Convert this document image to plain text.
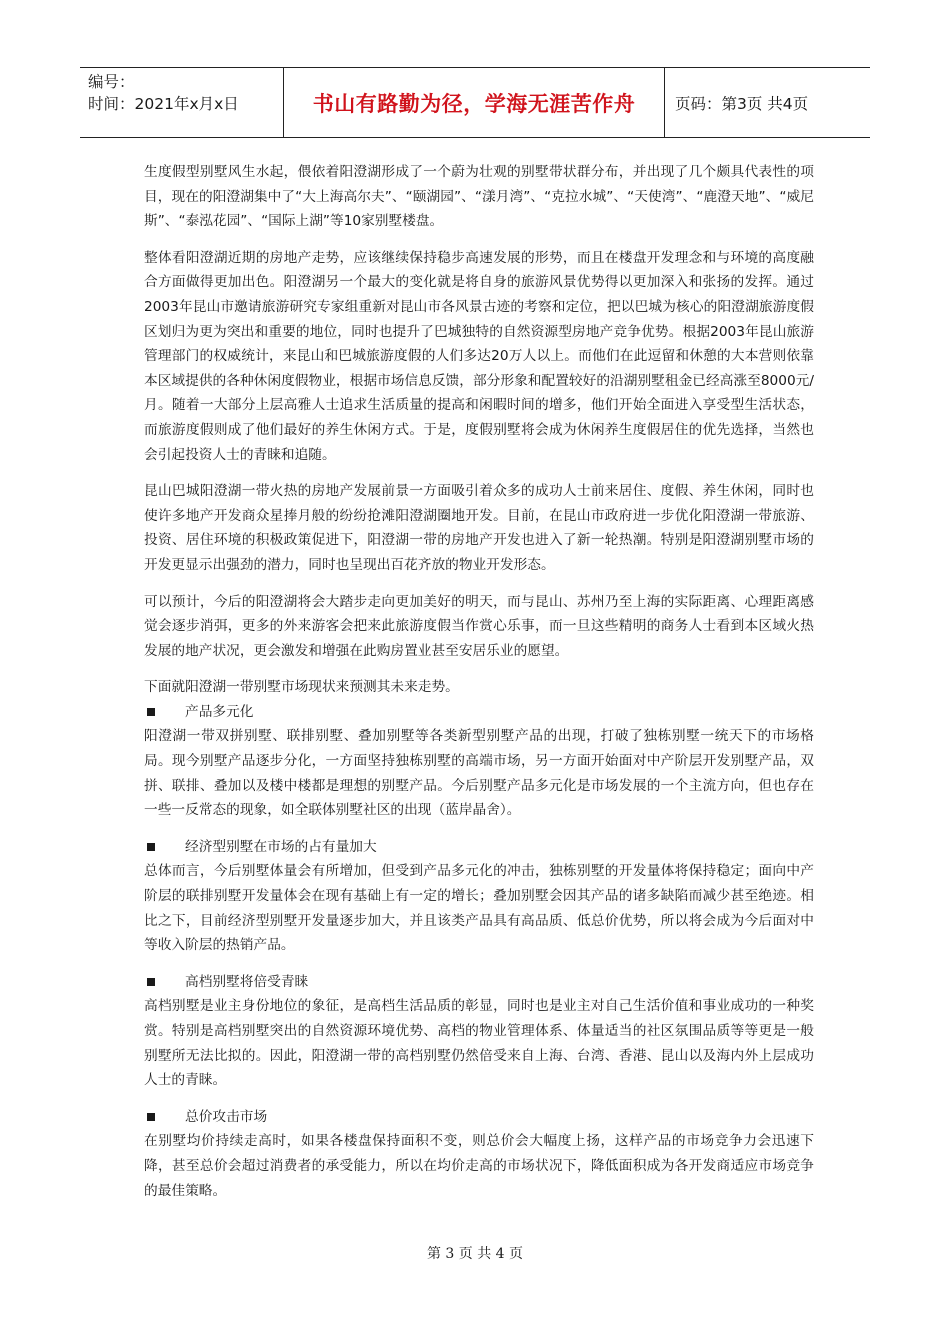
编号：
时间：2021年x月x日	书山有路勤为径，学海无涯苦作舟	页码：第3页 共4页

生度假型别墅风生水起，偎依着阳澄湖形成了一个蔚为壮观的别墅带状群分布，并出现了几个颇具代表性的项目，现在的阳澄湖集中了“大上海高尔夫”、“颐湖园”、“漾月湾”、“克拉水城”、“天使湾”、“鹿澄天地”、“威尼斯”、“泰泓花园”、“国际上湖”等10家别墅楼盘。

整体看阳澄湖近期的房地产走势，应该继续保持稳步高速发展的形势，而且在楼盘开发理念和与环境的高度融合方面做得更加出色。阳澄湖另一个最大的变化就是将自身的旅游风景优势得以更加深入和张扬的发挥。通过2003年昆山市邀请旅游研究专家组重新对昆山市各风景古迹的考察和定位，把以巴城为核心的阳澄湖旅游度假区划归为更为突出和重要的地位，同时也提升了巴城独特的自然资源型房地产竞争优势。根据2003年昆山旅游管理部门的权威统计，来昆山和巴城旅游度假的人们多达20万人以上。而他们在此逗留和休憩的大本营则依靠本区域提供的各种休闲度假物业，根据市场信息反馈，部分形象和配置较好的沿湖别墅租金已经高涨至8000元/月。随着一大部分上层高雅人士追求生活质量的提高和闲暇时间的增多，他们开始全面进入享受型生活状态，而旅游度假则成了他们最好的养生休闲方式。于是，度假别墅将会成为休闲养生度假居住的优先选择，当然也会引起投资人士的青睐和追随。

昆山巴城阳澄湖一带火热的房地产发展前景一方面吸引着众多的成功人士前来居住、度假、养生休闲，同时也使许多地产开发商众星捧月般的纷纷抢滩阳澄湖圈地开发。目前，在昆山市政府进一步优化阳澄湖一带旅游、投资、居住环境的积极政策促进下，阳澄湖一带的房地产开发也进入了新一轮热潮。特别是阳澄湖别墅市场的开发更显示出强劲的潜力，同时也呈现出百花齐放的物业开发形态。

可以预计，今后的阳澄湖将会大踏步走向更加美好的明天，而与昆山、苏州乃至上海的实际距离、心理距离感觉会逐步消弭，更多的外来游客会把来此旅游度假当作赏心乐事，而一旦这些精明的商务人士看到本区域火热发展的地产状况，更会激发和增强在此购房置业甚至安居乐业的愿望。

下面就阳澄湖一带别墅市场现状来预测其未来走势。

产品多元化

阳澄湖一带双拼别墅、联排别墅、叠加别墅等各类新型别墅产品的出现，打破了独栋别墅一统天下的市场格局。现今别墅产品逐步分化，一方面坚持独栋别墅的高端市场，另一方面开始面对中产阶层开发别墅产品，双拼、联排、叠加以及楼中楼都是理想的别墅产品。今后别墅产品多元化是市场发展的一个主流方向，但也存在一些一反常态的现象，如全联体别墅社区的出现（蓝岸晶舍）。

经济型别墅在市场的占有量加大

总体而言，今后别墅体量会有所增加，但受到产品多元化的冲击，独栋别墅的开发量体将保持稳定；面向中产阶层的联排别墅开发量体会在现有基础上有一定的增长；叠加别墅会因其产品的诸多缺陷而减少甚至绝迹。相比之下，目前经济型别墅开发量逐步加大，并且该类产品具有高品质、低总价优势，所以将会成为今后面对中等收入阶层的热销产品。

高档别墅将倍受青睐

高档别墅是业主身份地位的象征，是高档生活品质的彰显，同时也是业主对自己生活价值和事业成功的一种奖赏。特别是高档别墅突出的自然资源环境优势、高档的物业管理体系、体量适当的社区氛围品质等等更是一般别墅所无法比拟的。因此，阳澄湖一带的高档别墅仍然倍受来自上海、台湾、香港、昆山以及海内外上层成功人士的青睐。

总价攻击市场

在别墅均价持续走高时，如果各楼盘保持面积不变，则总价会大幅度上扬，这样产品的市场竞争力会迅速下降，甚至总价会超过消费者的承受能力，所以在均价走高的市场状况下，降低面积成为各开发商适应市场竞争的最佳策略。

第 3 页 共 4 页
